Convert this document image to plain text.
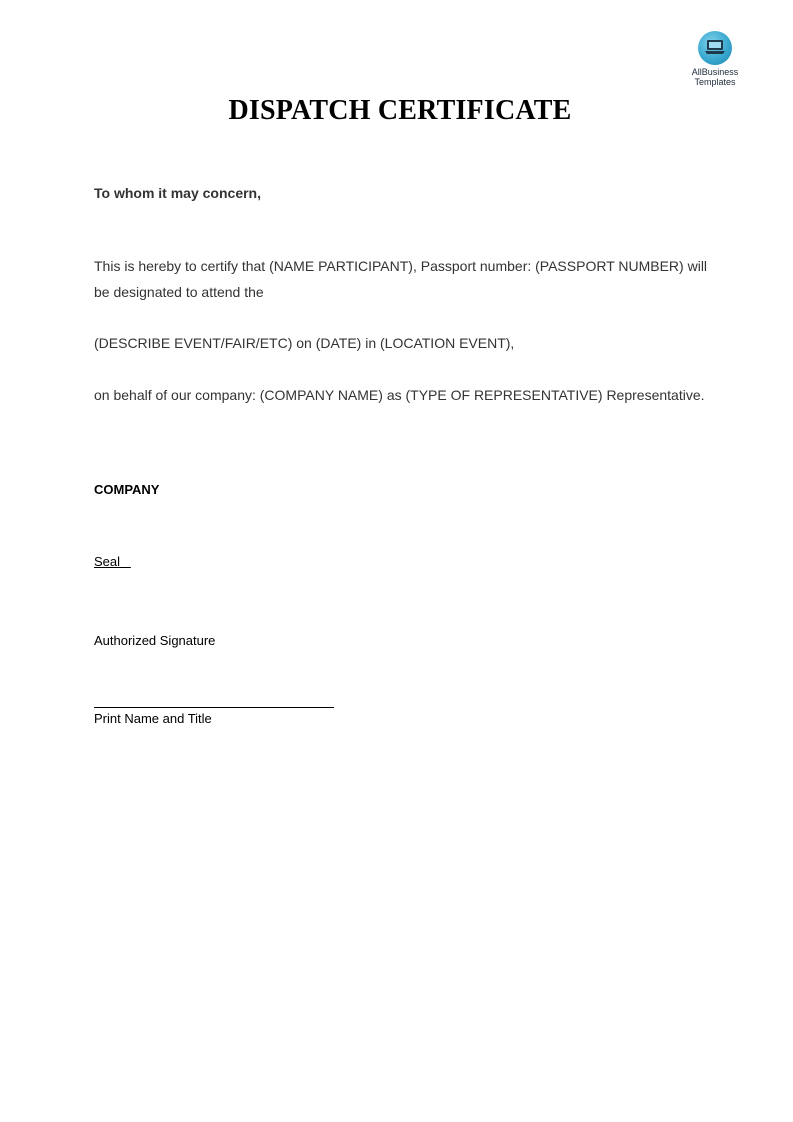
AllBusiness
Templates
DISPATCH CERTIFICATE
To whom it may concern,
This is hereby to certify that (NAME PARTICIPANT), Passport number: (PASSPORT NUMBER) will be designated to attend the
(DESCRIBE EVENT/FAIR/ETC) on (DATE) in (LOCATION EVENT),
on behalf of our company: (COMPANY NAME) as (TYPE OF REPRESENTATIVE) Representative.
COMPANY
Seal
Authorized Signature
Print Name and Title
